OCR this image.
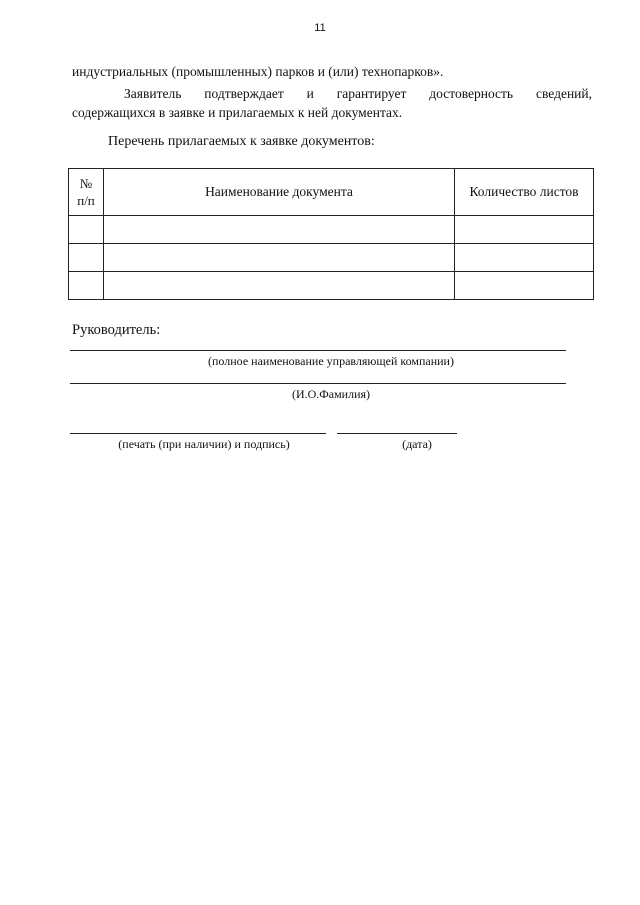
11
индустриальных (промышленных) парков и (или) технопарков».

Заявитель подтверждает и гарантирует достоверность сведений,

содержащихся в заявке и прилагаемых к ней документах.

Перечень прилагаемых к заявке документов:
№
п/п	Наименование документа	Количество листов

Руководитель:
(полное наименование управляющей компании)
(И.О.Фамилия)
(печать (при наличии) и подпись)	(дата)
